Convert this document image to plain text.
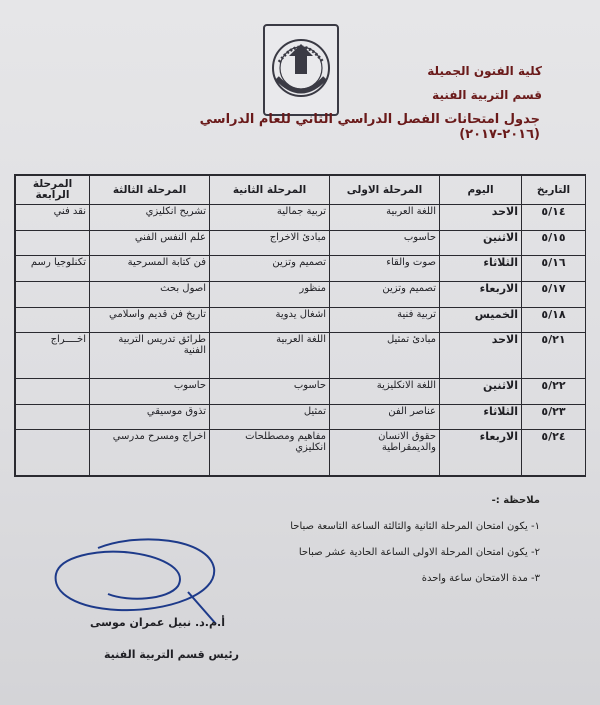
كلية الفنون الجميلة
قسم التربية الفنية
جدول امتحانات الفصل الدراسي الثاني للعام الدراسي (٢٠١٦-٢٠١٧)
التاريخ	اليوم	المرحلة الاولى	المرحلة الثانية	المرحلة الثالثة	المرحلة الرابعة
٥/١٤	الاحد	اللغة العربية	تربية جمالية	تشريح انكليزي	نقد فني
٥/١٥	الاثنين	حاسوب	مبادئ الاخراج	علم النفس الفني	
٥/١٦	الثلاثاء	صوت والقاء	تصميم وتزين	فن كتابة المسرحية	تكنلوجيا رسم
٥/١٧	الاربعاء	تصميم وتزين	منظور	اصول بحث	
٥/١٨	الخميس	تربية فنية	اشغال يدوية	تاريخ فن قديم واسلامي	
٥/٢١	الاحد	مبادئ تمثيل	اللغة العربية	طرائق تدريس التربية الفنية	اخــــراج
٥/٢٢	الاثنين	اللغة الانكليزية	حاسوب	حاسوب	
٥/٢٣	الثلاثاء	عناصر الفن	تمثيل	تذوق موسيقي	
٥/٢٤	الاربعاء	حقوق الانسان والديمقراطية	مفاهيم ومصطلحات انكليزي	اخراج ومسرح مدرسي	
ملاحظة :-
١- يكون امتحان المرحلة الثانية والثالثة الساعة التاسعة صباحا
٢- يكون امتحان المرحلة الاولى الساعة الحادية عشر صباحا
٣- مدة الامتحان ساعة واحدة
أ.م.د. نبيل عمران موسى
رئيس قسم التربية الفنية
